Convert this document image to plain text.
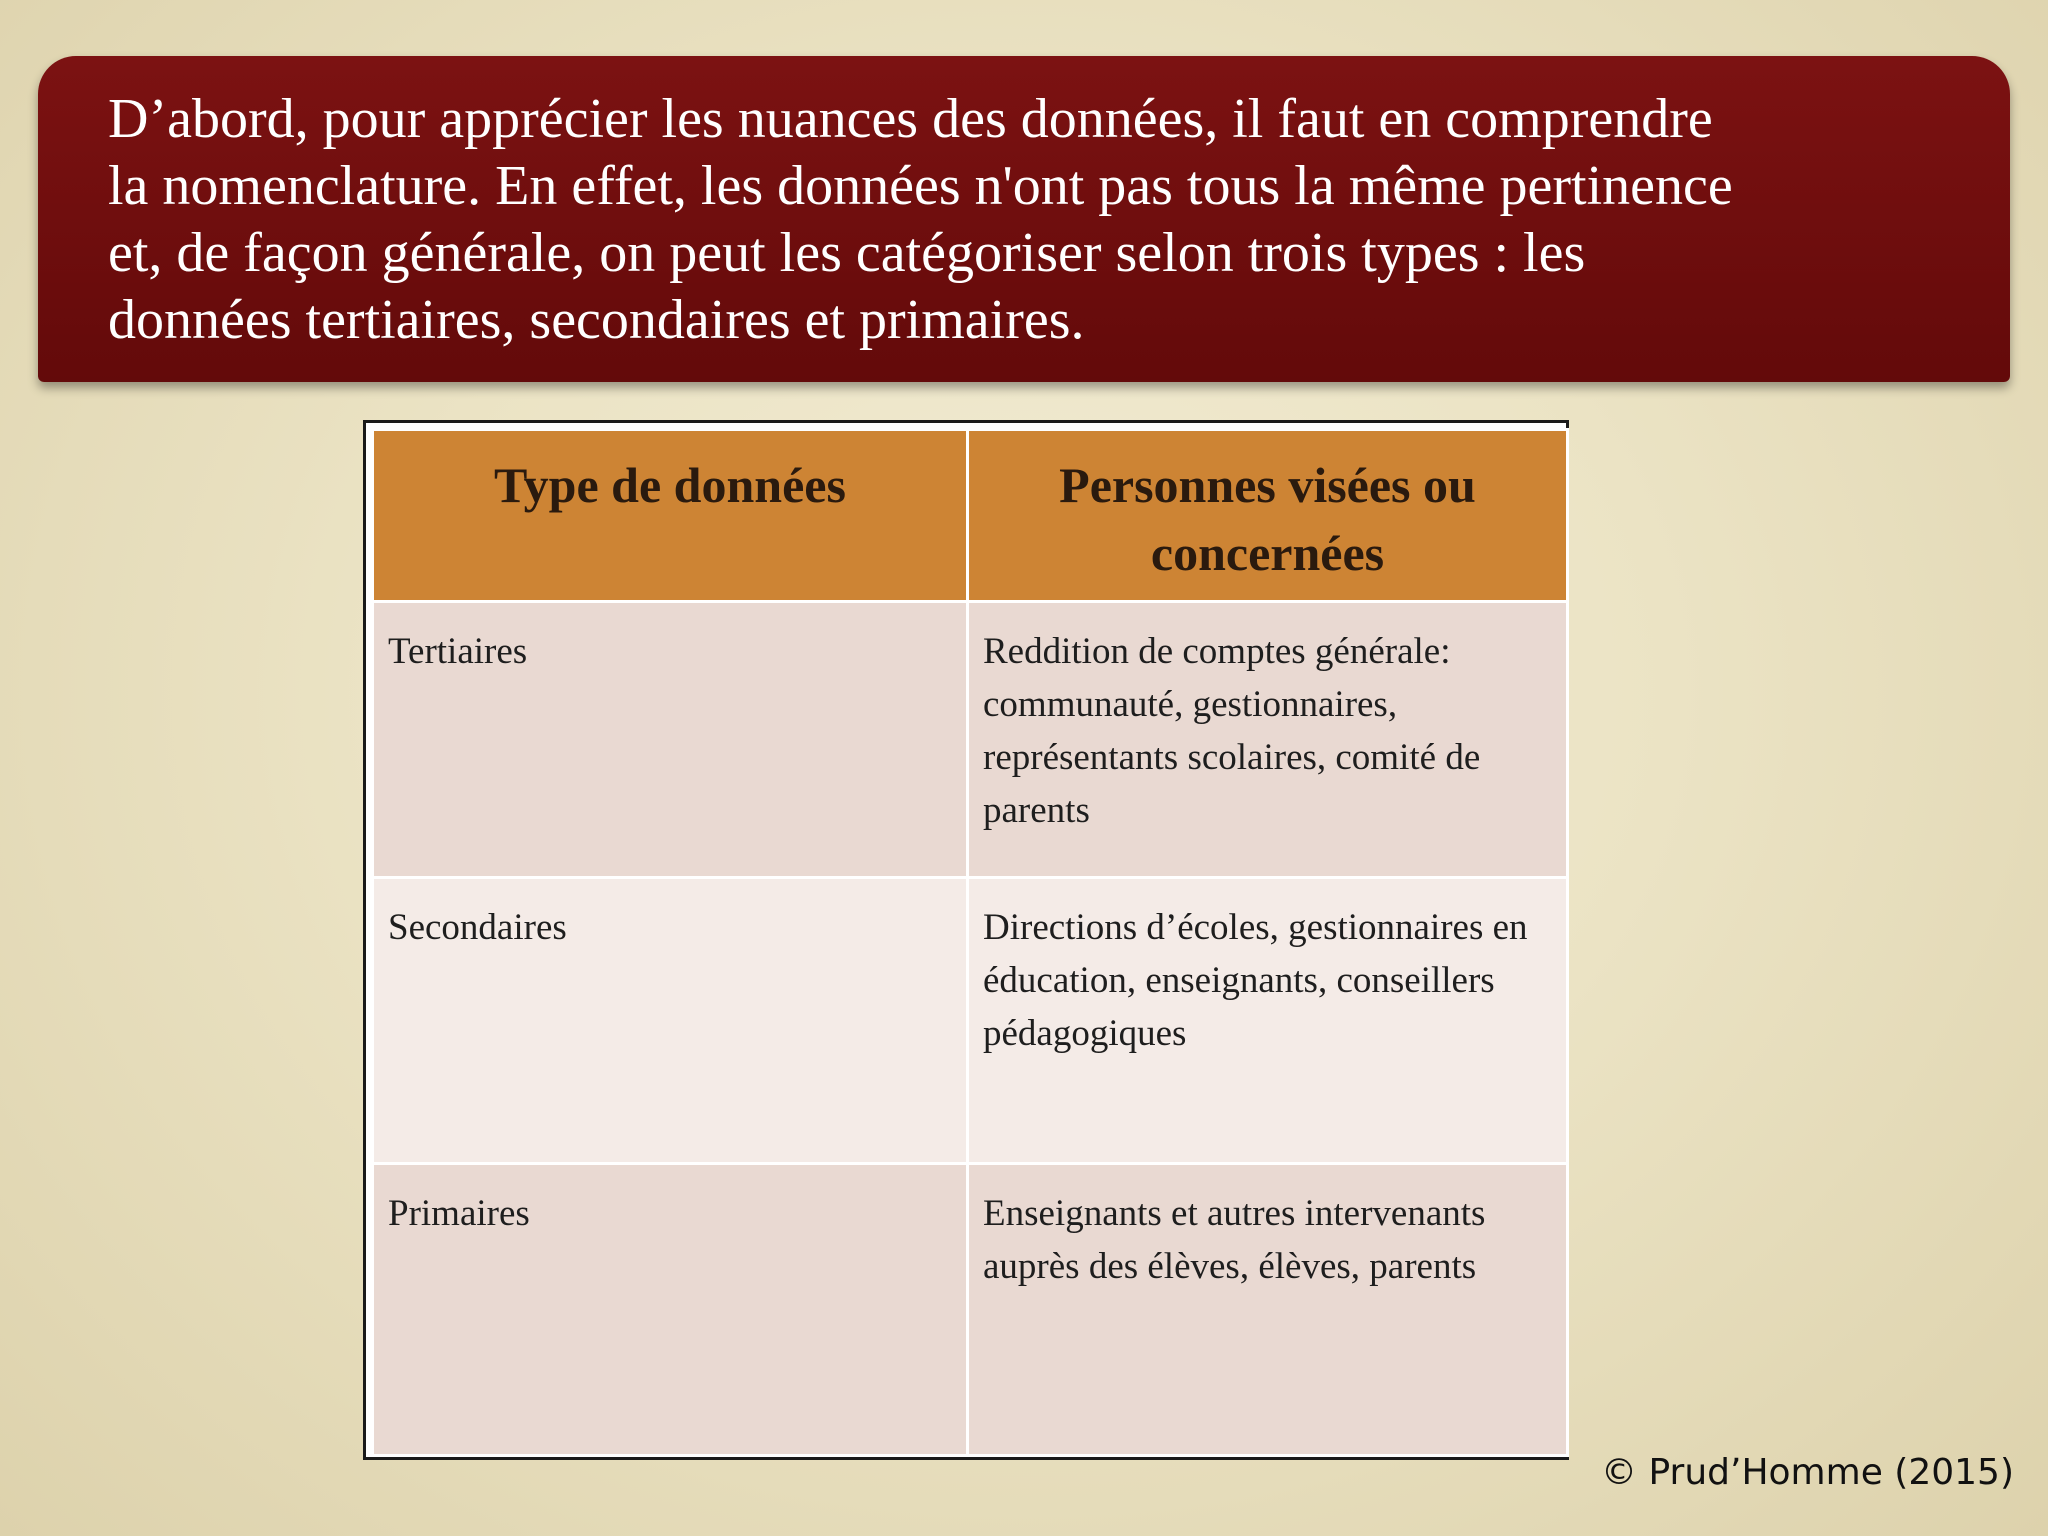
D’abord, pour apprécier les nuances des données, il faut en comprendre
la nomenclature. En effet, les données n'ont pas tous la même pertinence
et, de façon générale, on peut les catégoriser selon trois types : les
données tertiaires, secondaires et primaires.

Type de données	Personnes visées ou concernées
Tertiaires	Reddition de comptes générale: communauté, gestionnaires, représentants scolaires, comité de parents
Secondaires	Directions d’écoles, gestionnaires en éducation, enseignants, conseillers pédagogiques
Primaires	Enseignants et autres intervenants auprès des élèves, élèves, parents

© Prud’Homme (2015)
